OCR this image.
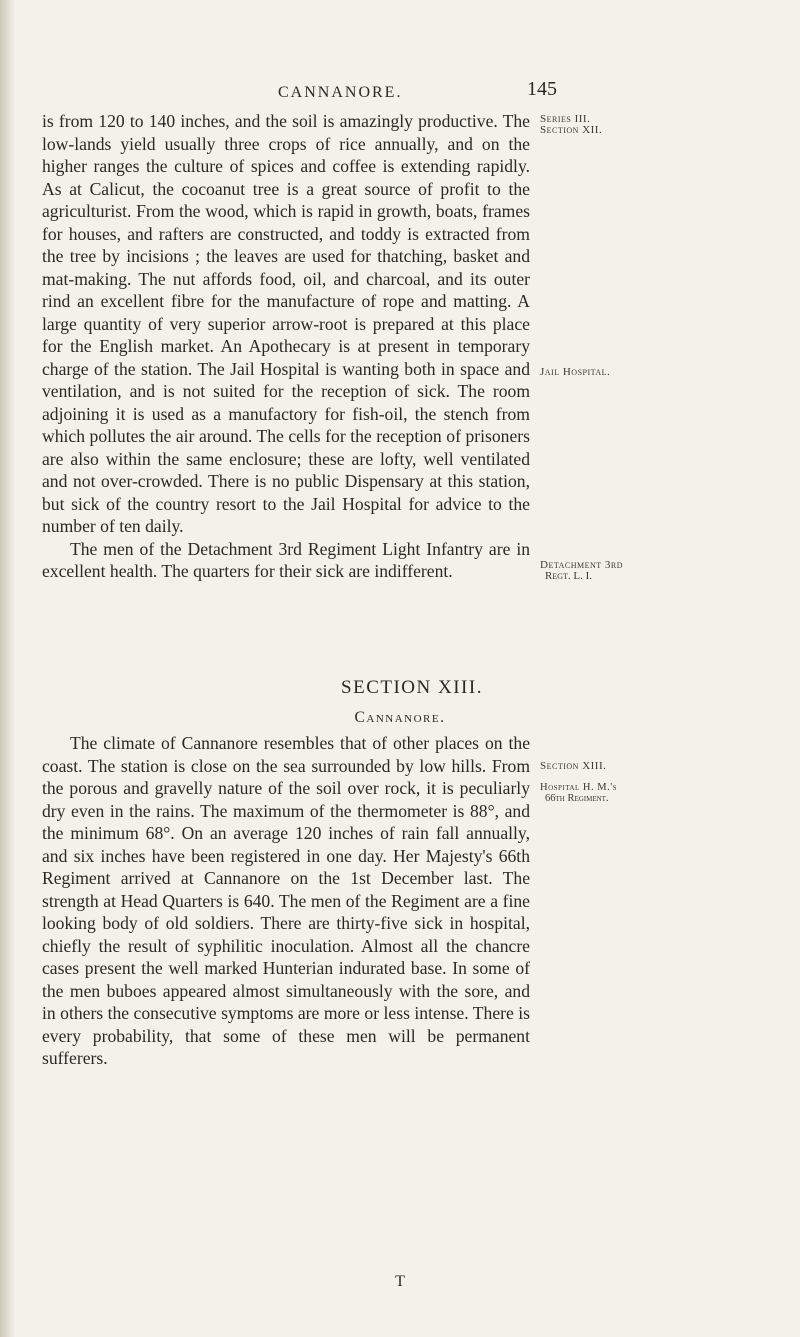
CANNANORE.	145

is from 120 to 140 inches, and the soil is amazingly productive. The low-lands yield usually three crops of rice annually, and on the higher ranges the culture of spices and coffee is extending rapidly. As at Calicut, the cocoanut tree is a great source of profit to the agriculturist. From the wood, which is rapid in growth, boats, frames for houses, and rafters are constructed, and toddy is extracted from the tree by incisions ; the leaves are used for thatching, basket and mat-making. The nut affords food, oil, and charcoal, and its outer rind an excellent fibre for the manufacture of rope and matting. A large quantity of very superior arrow-root is prepared at this place for the English market. An Apothecary is at present in temporary charge of the station. The Jail Hospital is wanting both in space and ventilation, and is not suited for the reception of sick. The room adjoining it is used as a manufactory for fish-oil, the stench from which pollutes the air around. The cells for the reception of prisoners are also within the same enclosure; these are lofty, well ventilated and not over-crowded. There is no public Dispensary at this station, but sick of the country resort to the Jail Hospital for advice to the number of ten daily.

The men of the Detachment 3rd Regiment Light Infantry are in excellent health. The quarters for their sick are indifferent.

Series III.
Section XII.
Jail Hospital.
Detachment 3rd
Regt. L. I.
SECTION XIII.
Cannanore.

The climate of Cannanore resembles that of other places on the coast. The station is close on the sea surrounded by low hills. From the porous and gravelly nature of the soil over rock, it is peculiarly dry even in the rains. The maximum of the thermometer is 88°, and the minimum 68°. On an average 120 inches of rain fall annually, and six inches have been registered in one day. Her Majesty's 66th Regiment arrived at Cannanore on the 1st December last. The strength at Head Quarters is 640. The men of the Regiment are a fine looking body of old soldiers. There are thirty-five sick in hospital, chiefly the result of syphilitic inoculation. Almost all the chancre cases present the well marked Hunterian indurated base. In some of the men buboes appeared almost simultaneously with the sore, and in others the consecutive symptoms are more or less intense. There is every probability, that some of these men will be permanent sufferers.

Section XIII.
Hospital H. M.'s
66th Regiment.
T
